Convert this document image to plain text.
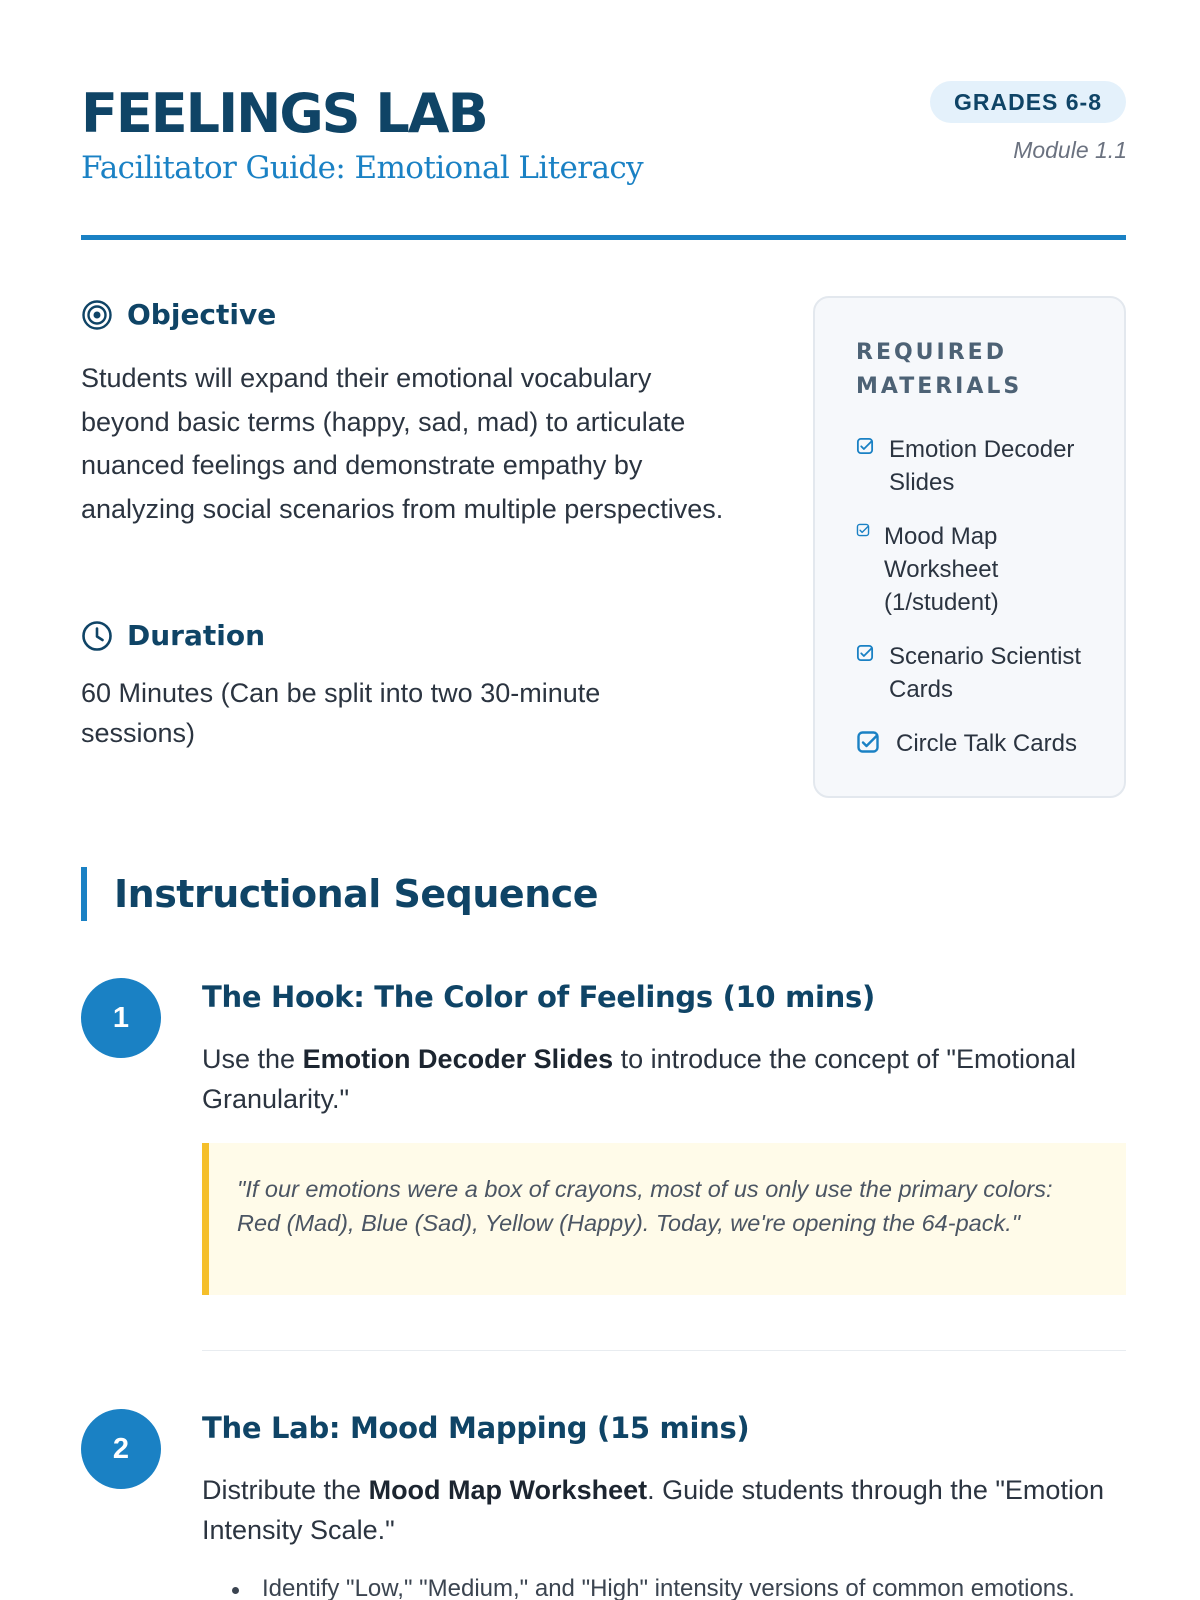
FEELINGS LAB
Facilitator Guide: Emotional Literacy
GRADES 6-8
Module 1.1
Objective
Students will expand their emotional vocabulary beyond basic terms (happy, sad, mad) to articulate nuanced feelings and demonstrate empathy by analyzing social scenarios from multiple perspectives.
Duration
60 Minutes (Can be split into two 30-minute sessions)
REQUIRED MATERIALS
Emotion Decoder Slides
Mood Map Worksheet (1/student)
Scenario Scientist Cards
Circle Talk Cards
Instructional Sequence
1
The Hook: The Color of Feelings (10 mins)
Use the Emotion Decoder Slides to introduce the concept of "Emotional Granularity."
"If our emotions were a box of crayons, most of us only use the primary colors: Red (Mad), Blue (Sad), Yellow (Happy). Today, we're opening the 64-pack."
2
The Lab: Mood Mapping (15 mins)
Distribute the Mood Map Worksheet. Guide students through the "Emotion Intensity Scale."
Identify "Low," "Medium," and "High" intensity versions of common emotions.
